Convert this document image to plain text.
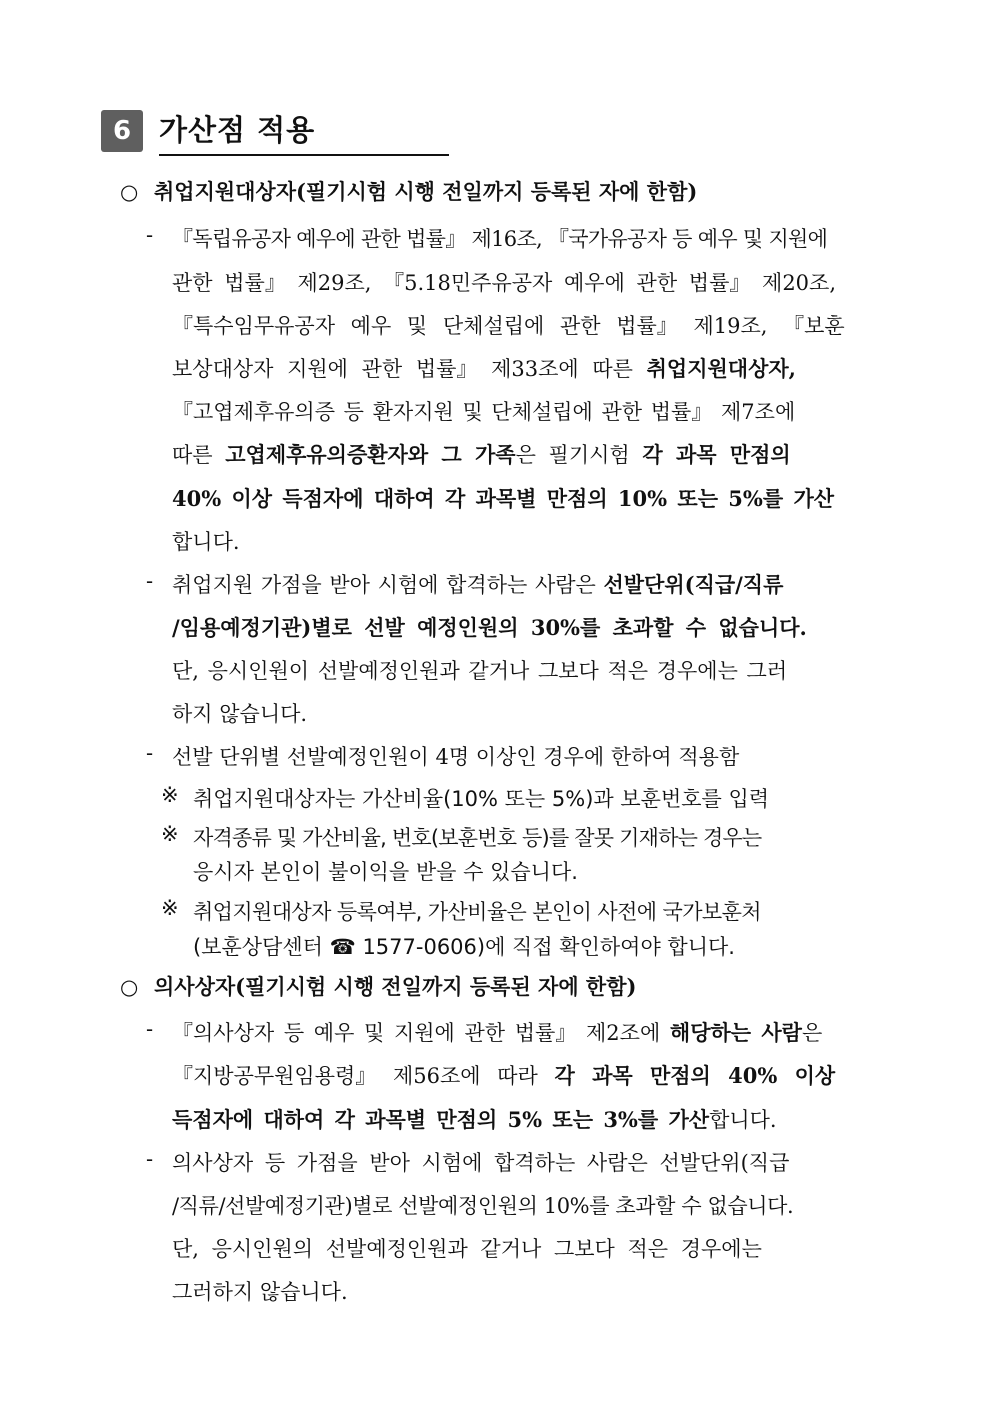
6 가산점 적용
○ 취업지원대상자(필기시험 시행 전일까지 등록된 자에 한함)
- 『독립유공자 예우에 관한 법률』 제16조, 『국가유공자 등 예우 및 지원에
관한 법률』 제29조, 『5.18민주유공자 예우에 관한 법률』 제20조,
『특수임무유공자 예우 및 단체설립에 관한 법률』 제19조, 『보훈
보상대상자 지원에 관한 법률』 제33조에 따른 취업지원대상자,
『고엽제후유의증 등 환자지원 및 단체설립에 관한 법률』 제7조에
따른 고엽제후유의증환자와 그 가족은 필기시험 각 과목 만점의
40% 이상 득점자에 대하여 각 과목별 만점의 10% 또는 5%를 가산
합니다.
- 취업지원 가점을 받아 시험에 합격하는 사람은 선발단위(직급/직류
/임용예정기관)별로 선발 예정인원의 30%를 초과할 수 없습니다.
단, 응시인원이 선발예정인원과 같거나 그보다 적은 경우에는 그러
하지 않습니다.
- 선발 단위별 선발예정인원이 4명 이상인 경우에 한하여 적용함
※ 취업지원대상자는 가산비율(10% 또는 5%)과 보훈번호를 입력
※ 자격종류 및 가산비율, 번호(보훈번호 등)를 잘못 기재하는 경우는
응시자 본인이 불이익을 받을 수 있습니다.
※ 취업지원대상자 등록여부, 가산비율은 본인이 사전에 국가보훈처
(보훈상담센터 ☎ 1577-0606)에 직접 확인하여야 합니다.
○ 의사상자(필기시험 시행 전일까지 등록된 자에 한함)
- 『의사상자 등 예우 및 지원에 관한 법률』 제2조에 해당하는 사람은
『지방공무원임용령』 제56조에 따라 각 과목 만점의 40% 이상
득점자에 대하여 각 과목별 만점의 5% 또는 3%를 가산합니다.
- 의사상자 등 가점을 받아 시험에 합격하는 사람은 선발단위(직급
/직류/선발예정기관)별로 선발예정인원의 10%를 초과할 수 없습니다.
단, 응시인원의 선발예정인원과 같거나 그보다 적은 경우에는
그러하지 않습니다.
